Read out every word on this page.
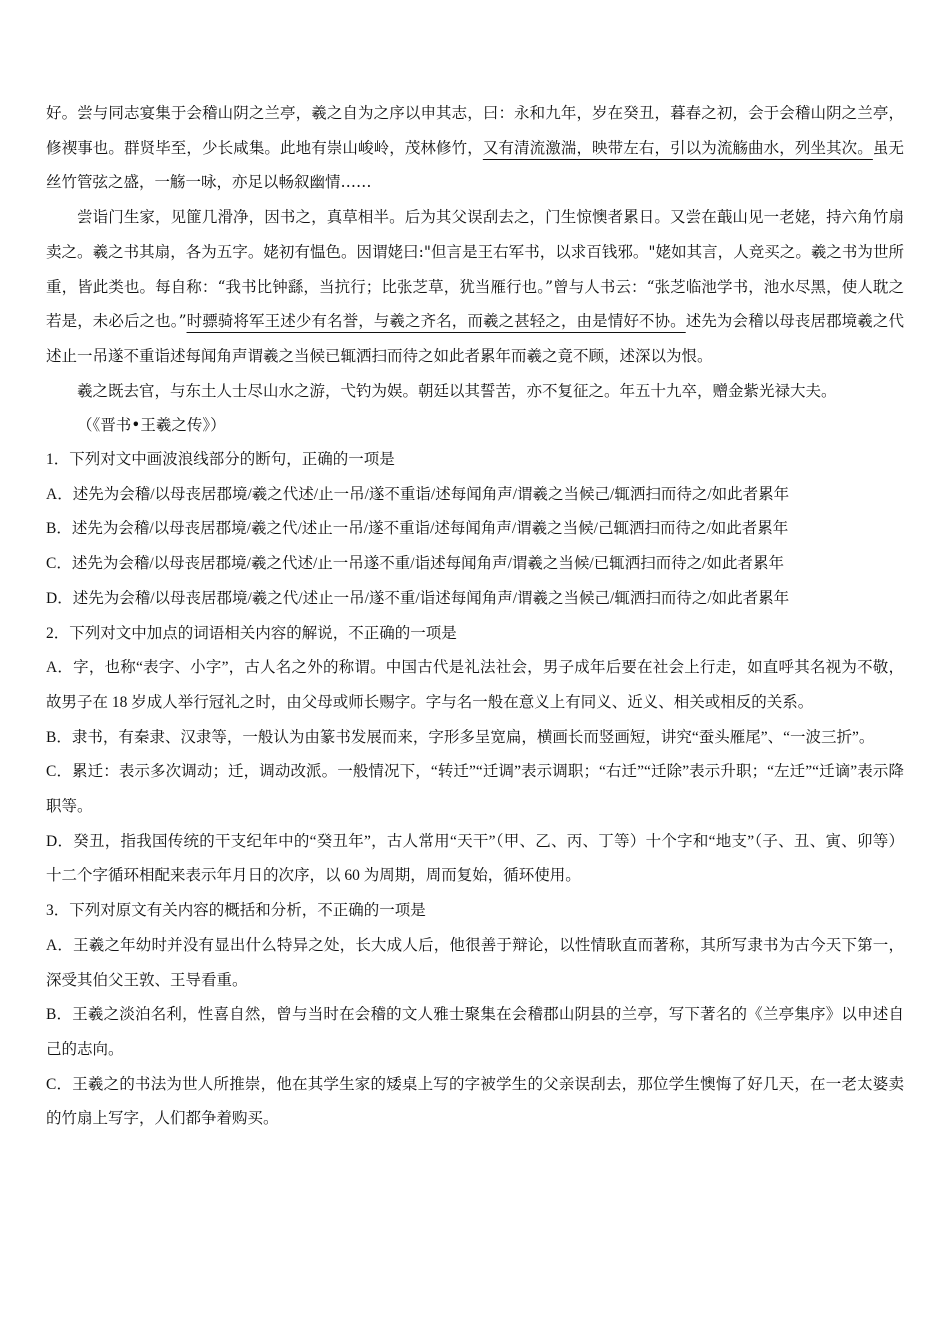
好。尝与同志宴集于会稽山阴之兰亭，羲之自为之序以申其志，曰：永和九年，岁在癸丑，暮春之初，会于会稽山阴之兰亭，修禊事也。群贤毕至，少长咸集。此地有崇山峻岭，茂林修竹，又有清流激湍，映带左右，引以为流觞曲水，列坐其次。虽无丝竹管弦之盛，一觞一咏，亦足以畅叙幽情……

尝诣门生家，见篚几滑净，因书之，真草相半。后为其父误刮去之，门生惊懊者累日。又尝在蕺山见一老姥，持六角竹扇卖之。羲之书其扇，各为五字。姥初有愠色。因谓姥曰:"但言是王右军书，以求百钱邪。"姥如其言，人竞买之。羲之书为世所重，皆此类也。每自称：“我书比钟繇，当抗行；比张芝草，犹当雁行也。”曾与人书云：“张芝临池学书，池水尽黑，使人耽之若是，未必后之也。”时骠骑将军王述少有名誉，与羲之齐名，而羲之甚轻之，由是情好不协。述先为会稽以母丧居郡境羲之代述止一吊遂不重诣述每闻角声谓羲之当候已辄洒扫而待之如此者累年而羲之竟不顾，述深以为恨。

羲之既去官，与东土人士尽山水之游，弋钓为娱。朝廷以其誓苦，亦不复征之。年五十九卒，赠金紫光禄大夫。

（《晋书•王羲之传》）

1．下列对文中画波浪线部分的断句，正确的一项是

A．述先为会稽/以母丧居郡境/羲之代述/止一吊/遂不重诣/述每闻角声/谓羲之当候己/辄洒扫而待之/如此者累年

B．述先为会稽/以母丧居郡境/羲之代/述止一吊/遂不重诣/述每闻角声/谓羲之当候/己辄洒扫而待之/如此者累年

C．述先为会稽/以母丧居郡境/羲之代述/止一吊遂不重/诣述每闻角声/谓羲之当候/已辄洒扫而待之/如此者累年

D．述先为会稽/以母丧居郡境/羲之代/述止一吊/遂不重/诣述每闻角声/谓羲之当候己/辄洒扫而待之/如此者累年

2．下列对文中加点的词语相关内容的解说，不正确的一项是

A．字，也称“表字、小字”，古人名之外的称谓。中国古代是礼法社会，男子成年后要在社会上行走，如直呼其名视为不敬，故男子在 18 岁成人举行冠礼之时，由父母或师长赐字。字与名一般在意义上有同义、近义、相关或相反的关系。

B．隶书，有秦隶、汉隶等，一般认为由篆书发展而来，字形多呈宽扁，横画长而竖画短，讲究“蚕头雁尾”、“一波三折”。

C．累迁：表示多次调动；迁，调动改派。一般情况下，“转迁”“迁调”表示调职；“右迁”“迁除”表示升职；“左迁”“迁谪”表示降职等。

D．癸丑，指我国传统的干支纪年中的“癸丑年”，古人常用“天干”（甲、乙、丙、丁等）十个字和“地支”（子、丑、寅、卯等）十二个字循环相配来表示年月日的次序，以 60 为周期，周而复始，循环使用。

3．下列对原文有关内容的概括和分析，不正确的一项是

A．王羲之年幼时并没有显出什么特异之处，长大成人后，他很善于辩论，以性情耿直而著称，其所写隶书为古今天下第一，深受其伯父王敦、王导看重。

B．王羲之淡泊名利，性喜自然，曾与当时在会稽的文人雅士聚集在会稽郡山阴县的兰亭，写下著名的《兰亭集序》以申述自己的志向。

C．王羲之的书法为世人所推崇，他在其学生家的矮桌上写的字被学生的父亲误刮去，那位学生懊悔了好几天，在一老太婆卖的竹扇上写字，人们都争着购买。
